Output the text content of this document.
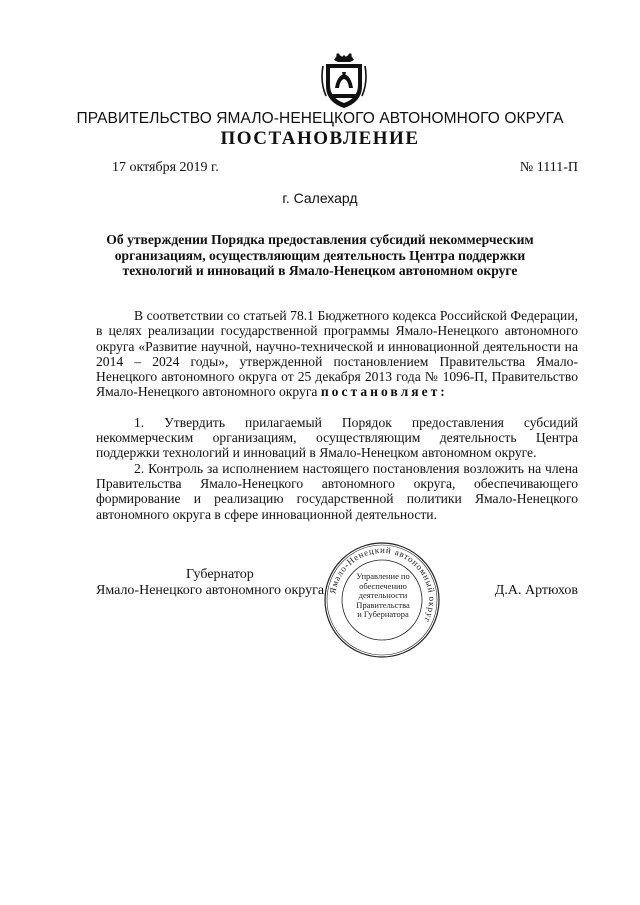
ПРАВИТЕЛЬСТВО ЯМАЛО-НЕНЕЦКОГО АВТОНОМНОГО ОКРУГА
ПОСТАНОВЛЕНИЕ
17 октября 2019 г.	№ 1111-П
г. Салехард
Об утверждении Порядка предоставления субсидий некоммерческим организациям, осуществляющим деятельность Центра поддержки технологий и инноваций в Ямало-Ненецком автономном округе

В соответствии со статьей 78.1 Бюджетного кодекса Российской Федерации, в целях реализации государственной программы Ямало-Ненецкого автономного округа «Развитие научной, научно-технической и инновационной деятельности на 2014 – 2024 годы», утвержденной постановлением Правительства Ямало-Ненецкого автономного округа от 25 декабря 2013 года № 1096-П, Правительство Ямало-Ненецкого автономного округа постановляет:

1. Утвердить прилагаемый Порядок предоставления субсидий некоммерческим организациям, осуществляющим деятельность Центра поддержки технологий и инноваций в Ямало-Ненецком автономном округе.

2. Контроль за исполнением настоящего постановления возложить на члена Правительства Ямало-Ненецкого автономного округа, обеспечивающего формирование и реализацию государственной политики Ямало-Ненецкого автономного округа в сфере инновационной деятельности.

Губернатор
Ямало-Ненецкого автономного округа	Д.А. Артюхов
Ямало-Ненецкий автономный округ
Управление по
обеспечению
деятельности
Правительства
и Губернатора
